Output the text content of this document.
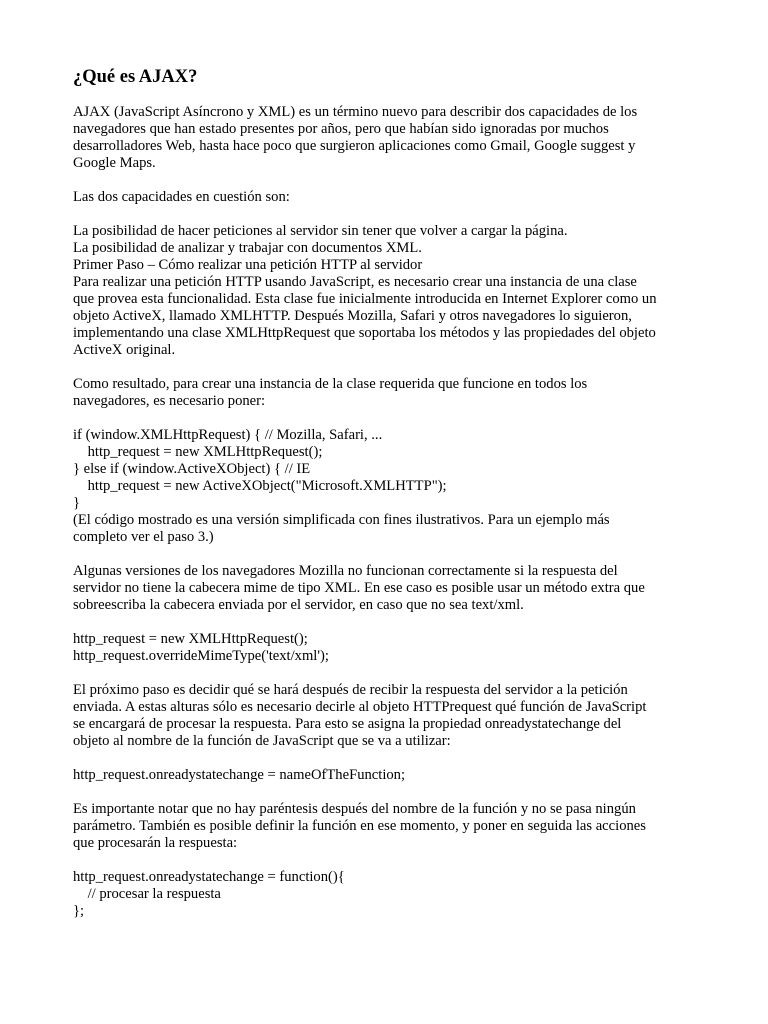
¿Qué es AJAX?
AJAX (JavaScript Asíncrono y XML) es un término nuevo para describir dos capacidades de los
navegadores que han estado presentes por años, pero que habían sido ignoradas por muchos
desarrolladores Web, hasta hace poco que surgieron aplicaciones como Gmail, Google suggest y
Google Maps.
Las dos capacidades en cuestión son:
La posibilidad de hacer peticiones al servidor sin tener que volver a cargar la página.
La posibilidad de analizar y trabajar con documentos XML.
Primer Paso – Cómo realizar una petición HTTP al servidor
Para realizar una petición HTTP usando JavaScript, es necesario crear una instancia de una clase
que provea esta funcionalidad. Esta clase fue inicialmente introducida en Internet Explorer como un
objeto ActiveX, llamado XMLHTTP. Después Mozilla, Safari y otros navegadores lo siguieron,
implementando una clase XMLHttpRequest que soportaba los métodos y las propiedades del objeto
ActiveX original.
Como resultado, para crear una instancia de la clase requerida que funcione en todos los
navegadores, es necesario poner:
if (window.XMLHttpRequest) { // Mozilla, Safari, ...
http_request = new XMLHttpRequest();
} else if (window.ActiveXObject) { // IE
http_request = new ActiveXObject("Microsoft.XMLHTTP");
}
(El código mostrado es una versión simplificada con fines ilustrativos. Para un ejemplo más
completo ver el paso 3.)
Algunas versiones de los navegadores Mozilla no funcionan correctamente si la respuesta del
servidor no tiene la cabecera mime de tipo XML. En ese caso es posible usar un método extra que
sobreescriba la cabecera enviada por el servidor, en caso que no sea text/xml.
http_request = new XMLHttpRequest();
http_request.overrideMimeType('text/xml');
El próximo paso es decidir qué se hará después de recibir la respuesta del servidor a la petición
enviada. A estas alturas sólo es necesario decirle al objeto HTTPrequest qué función de JavaScript
se encargará de procesar la respuesta. Para esto se asigna la propiedad onreadystatechange del
objeto al nombre de la función de JavaScript que se va a utilizar:
http_request.onreadystatechange = nameOfTheFunction;
Es importante notar que no hay paréntesis después del nombre de la función y no se pasa ningún
parámetro. También es posible definir la función en ese momento, y poner en seguida las acciones
que procesarán la respuesta:
http_request.onreadystatechange = function(){
// procesar la respuesta
};
